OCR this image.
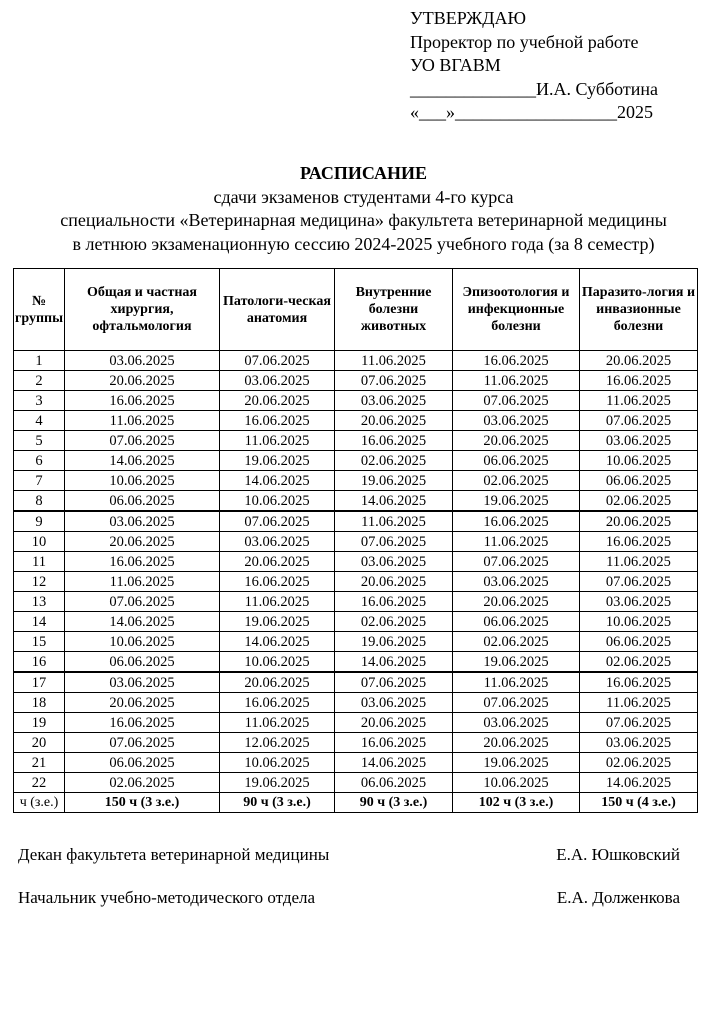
УТВЕРЖДАЮ
Проректор по учебной работе
УО ВГАВМ
______________И.А. Субботина
«___»__________________2025
РАСПИСАНИЕ
сдачи экзаменов студентами 4-го курса
специальности «Ветеринарная медицина» факультета ветеринарной медицины
в летнюю экзаменационную сессию 2024-2025 учебного года (за 8 семестр)
№ группы	Общая и частная хирургия, офтальмология	Патологи-ческая анатомия	Внутренние болезни животных	Эпизоотология и инфекционные болезни	Паразито-логия и инвазионные болезни
1	03.06.2025	07.06.2025	11.06.2025	16.06.2025	20.06.2025
2	20.06.2025	03.06.2025	07.06.2025	11.06.2025	16.06.2025
3	16.06.2025	20.06.2025	03.06.2025	07.06.2025	11.06.2025
4	11.06.2025	16.06.2025	20.06.2025	03.06.2025	07.06.2025
5	07.06.2025	11.06.2025	16.06.2025	20.06.2025	03.06.2025
6	14.06.2025	19.06.2025	02.06.2025	06.06.2025	10.06.2025
7	10.06.2025	14.06.2025	19.06.2025	02.06.2025	06.06.2025
8	06.06.2025	10.06.2025	14.06.2025	19.06.2025	02.06.2025
9	03.06.2025	07.06.2025	11.06.2025	16.06.2025	20.06.2025
10	20.06.2025	03.06.2025	07.06.2025	11.06.2025	16.06.2025
11	16.06.2025	20.06.2025	03.06.2025	07.06.2025	11.06.2025
12	11.06.2025	16.06.2025	20.06.2025	03.06.2025	07.06.2025
13	07.06.2025	11.06.2025	16.06.2025	20.06.2025	03.06.2025
14	14.06.2025	19.06.2025	02.06.2025	06.06.2025	10.06.2025
15	10.06.2025	14.06.2025	19.06.2025	02.06.2025	06.06.2025
16	06.06.2025	10.06.2025	14.06.2025	19.06.2025	02.06.2025
17	03.06.2025	20.06.2025	07.06.2025	11.06.2025	16.06.2025
18	20.06.2025	16.06.2025	03.06.2025	07.06.2025	11.06.2025
19	16.06.2025	11.06.2025	20.06.2025	03.06.2025	07.06.2025
20	07.06.2025	12.06.2025	16.06.2025	20.06.2025	03.06.2025
21	06.06.2025	10.06.2025	14.06.2025	19.06.2025	02.06.2025
22	02.06.2025	19.06.2025	06.06.2025	10.06.2025	14.06.2025
ч (з.е.)	150 ч (3 з.е.)	90 ч (3 з.е.)	90 ч (3 з.е.)	102 ч (3 з.е.)	150 ч (4 з.е.)
Декан факультета ветеринарной медицины	Е.А. Юшковский
Начальник учебно-методического отдела	Е.А. Долженкова
